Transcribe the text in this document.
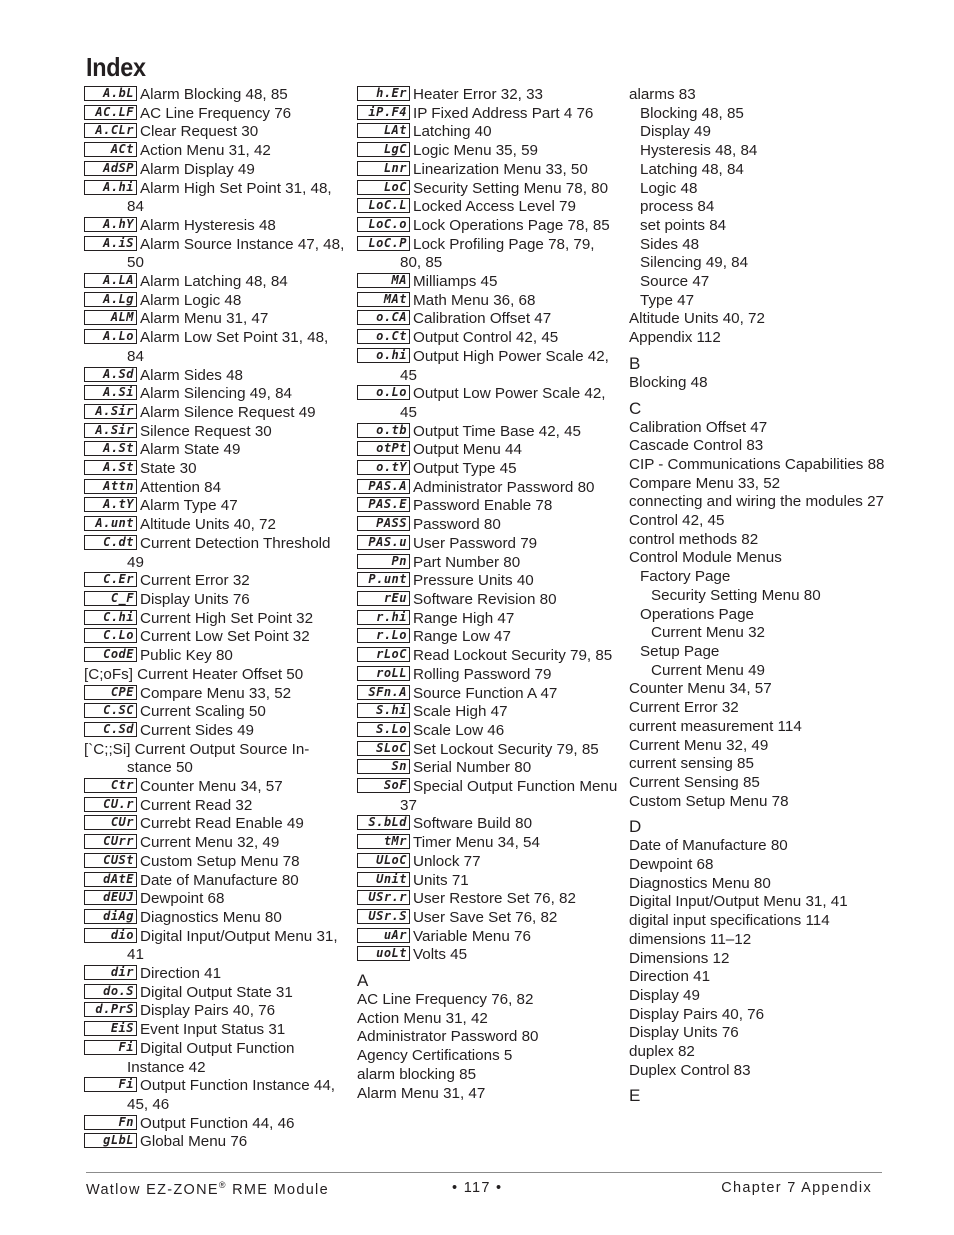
Index
A.bL Alarm Blocking 48, 85
AC.LF AC Line Frequency 76
A.CLr Clear Request 30
ACt Action Menu 31, 42
AdSP Alarm Display 49
A.hi Alarm High Set Point 31, 48, 84
A.hY Alarm Hysteresis 48
A.iS Alarm Source Instance 47, 48, 50
A.LA Alarm Latching 48, 84
A.Lg Alarm Logic 48
ALM Alarm Menu 31, 47
A.Lo Alarm Low Set Point 31, 48, 84
A.Sd Alarm Sides 48
A.Si Alarm Silencing 49, 84
A.Sir Alarm Silence Request 49
A.Sir Silence Request 30
A.St Alarm State 49
A.St State 30
Attn Attention 84
A.tY Alarm Type 47
A.unt Altitude Units 40, 72
C.dt Current Detection Threshold 49
C.Er Current Error 32
C_F Display Units 76
C.hi Current High Set Point 32
C.Lo Current Low Set Point 32
CodE Public Key 80
[C;oFs] Current Heater Offset 50
CPE Compare Menu 33, 52
C.SC Current Scaling 50
C.Sd Current Sides 49
[`C;;Si] Current Output Source In-stance 50
Ctr Counter Menu 34, 57
CU.r Current Read 32
CUr Currebt Read Enable 49
CUrr Current Menu 32, 49
CUSt Custom Setup Menu 78
dAtE Date of Manufacture 80
dEUJ Dewpoint 68
diAg Diagnostics Menu 80
dio Digital Input/Output Menu 31, 41
dir Direction 41
do.S Digital Output State 31
d.PrS Display Pairs 40, 76
EiS Event Input Status 31
Fi Digital Output Function Instance 42
Fi Output Function Instance 44, 45, 46
Fn Output Function 44, 46
gLbL Global Menu 76
h.Er Heater Error 32, 33
iP.F4 IP Fixed Address Part 4 76
LAt Latching 40
LgC Logic Menu 35, 59
Lnr Linearization Menu 33, 50
LoC Security Setting Menu 78, 80
LoC.L Locked Access Level 79
LoC.o Lock Operations Page 78, 85
LoC.P Lock Profiling Page 78, 79, 80, 85
MA Milliamps 45
MAt Math Menu 36, 68
o.CA Calibration Offset 47
o.Ct Output Control 42, 45
o.hi Output High Power Scale 42, 45
o.Lo Output Low Power Scale 42, 45
o.tb Output Time Base 42, 45
otPt Output Menu 44
o.tY Output Type 45
PAS.A Administrator Password 80
PAS.E Password Enable 78
PASS Password 80
PAS.u User Password 79
Pn Part Number 80
P.unt Pressure Units 40
rEu Software Revision 80
r.hi Range High 47
r.Lo Range Low 47
rLoC Read Lockout Security 79, 85
roLL Rolling Password 79
SFn.A Source Function A 47
S.hi Scale High 47
S.Lo Scale Low 46
SLoC Set Lockout Security 79, 85
Sn Serial Number 80
SoF Special Output Function Menu 37
S.bLd Software Build 80
tMr Timer Menu 34, 54
ULoC Unlock 77
Unit Units 71
USr.r User Restore Set 76, 82
USr.S User Save Set 76, 82
uAr Variable Menu 76
uoLt Volts 45
A
AC Line Frequency 76, 82
Action Menu 31, 42
Administrator Password 80
Agency Certifications 5
alarm blocking 85
Alarm Menu 31, 47
alarms 83
Blocking 48, 85
Display 49
Hysteresis 48, 84
Latching 48, 84
Logic 48
process 84
set points 84
Sides 48
Silencing 49, 84
Source 47
Type 47
Altitude Units 40, 72
Appendix 112
B
Blocking 48
C
Calibration Offset 47
Cascade Control 83
CIP - Communications Capabilities 88
Compare Menu 33, 52
connecting and wiring the modules 27
Control 42, 45
control methods 82
Control Module Menus
Factory Page
Security Setting Menu 80
Operations Page
Current Menu 32
Setup Page
Current Menu 49
Counter Menu 34, 57
Current Error 32
current measurement 114
Current Menu 32, 49
current sensing 85
Current Sensing 85
Custom Setup Menu 78
D
Date of Manufacture 80
Dewpoint 68
Diagnostics Menu 80
Digital Input/Output Menu 31, 41
digital input specifications 114
dimensions 11–12
Dimensions 12
Direction 41
Display 49
Display Pairs 40, 76
Display Units 76
duplex 82
Duplex Control 83
E
Watlow EZ-ZONE® RME Module	• 117 •	Chapter 7 Appendix
